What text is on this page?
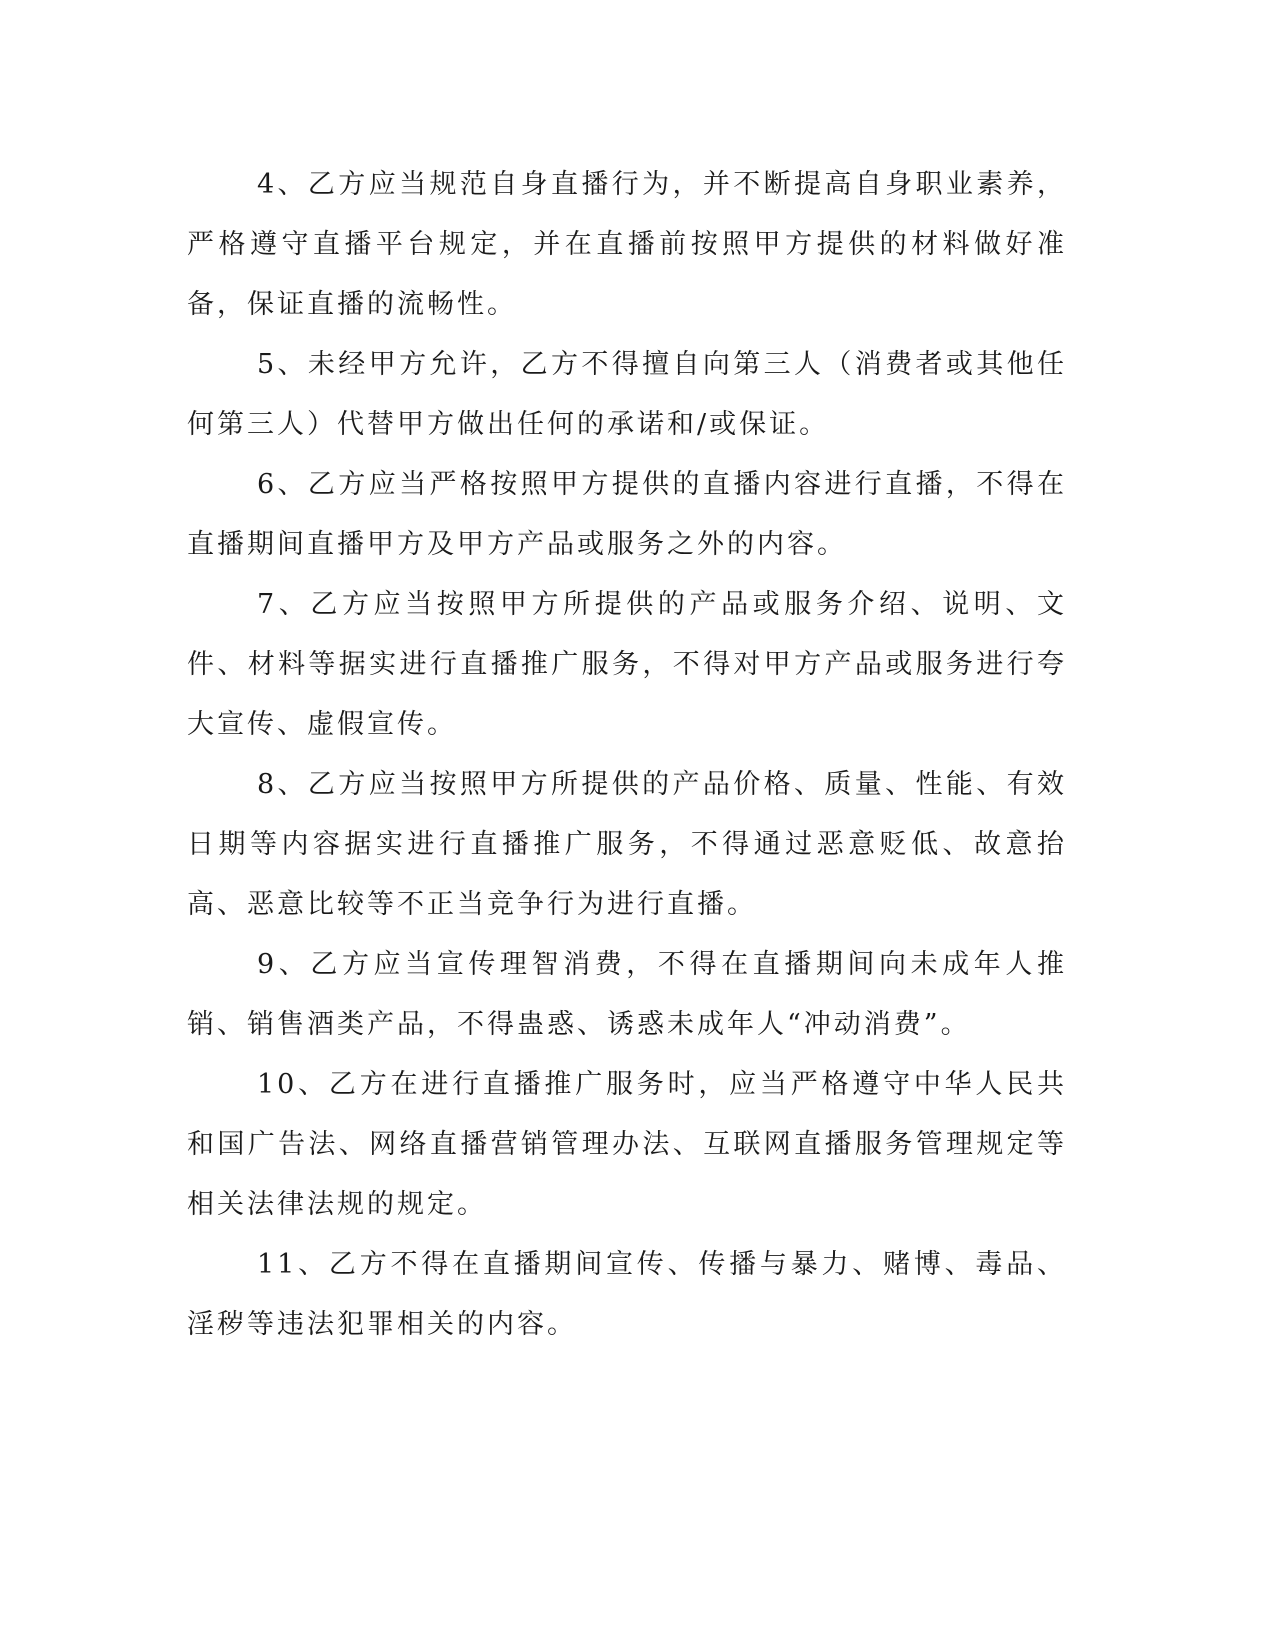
4、乙方应当规范自身直播行为，并不断提高自身职业素养，严格遵守直播平台规定，并在直播前按照甲方提供的材料做好准备，保证直播的流畅性。

5、未经甲方允许，乙方不得擅自向第三人（消费者或其他任何第三人）代替甲方做出任何的承诺和/或保证。

6、乙方应当严格按照甲方提供的直播内容进行直播，不得在直播期间直播甲方及甲方产品或服务之外的内容。

7、乙方应当按照甲方所提供的产品或服务介绍、说明、文件、材料等据实进行直播推广服务，不得对甲方产品或服务进行夸大宣传、虚假宣传。

8、乙方应当按照甲方所提供的产品价格、质量、性能、有效日期等内容据实进行直播推广服务，不得通过恶意贬低、故意抬高、恶意比较等不正当竞争行为进行直播。

9、乙方应当宣传理智消费，不得在直播期间向未成年人推销、销售酒类产品，不得蛊惑、诱惑未成年人“冲动消费”。

10、乙方在进行直播推广服务时，应当严格遵守中华人民共和国广告法、网络直播营销管理办法、互联网直播服务管理规定等相关法律法规的规定。

11、乙方不得在直播期间宣传、传播与暴力、赌博、毒品、淫秽等违法犯罪相关的内容。
